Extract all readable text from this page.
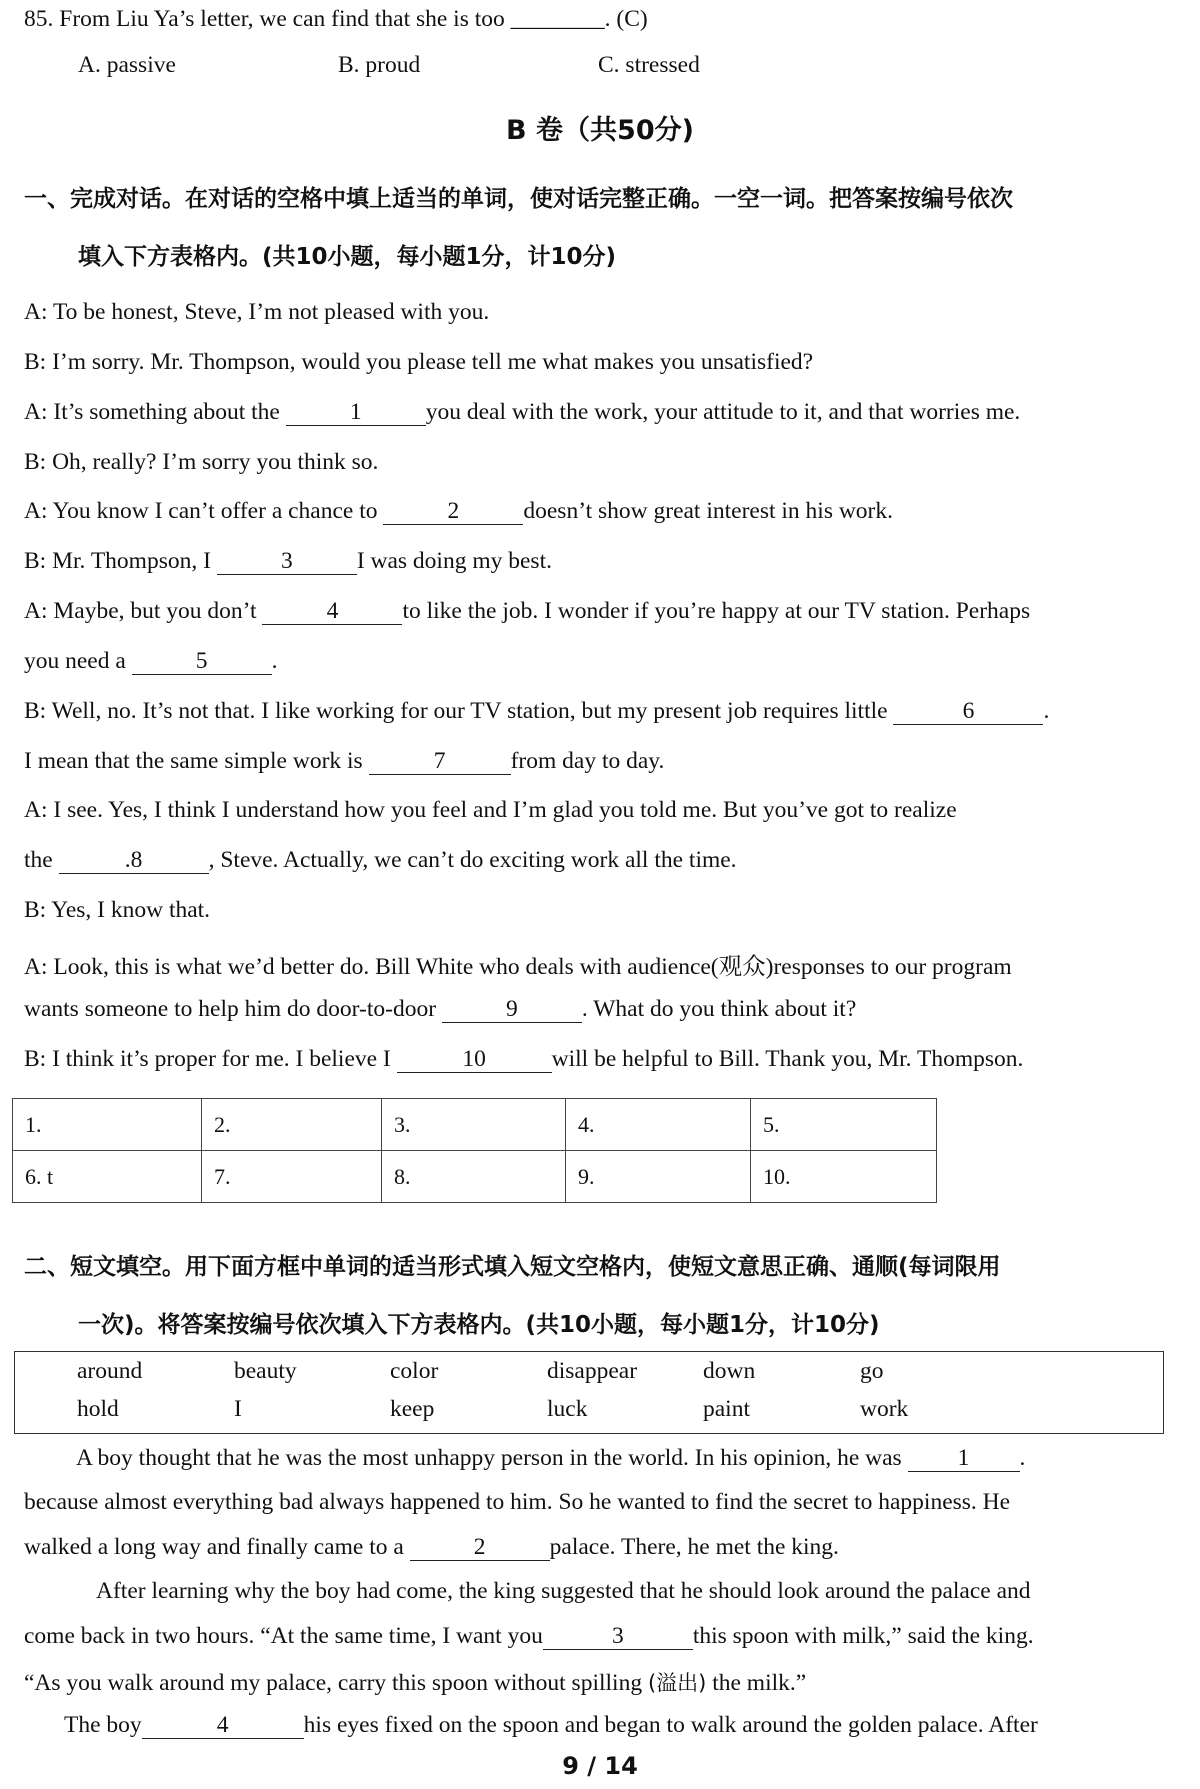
85. From Liu Ya’s letter, we can find that she is too ________. (C)
A. passive	B. proud	C. stressed
B 卷（共50分)
一、完成对话。在对话的空格中填上适当的单词，使对话完整正确。一空一词。把答案按编号依次
填入下方表格内。(共10小题，每小题1分，计10分)
A: To be honest, Steve, I’m not pleased with you.
B: I’m sorry. Mr. Thompson, would you please tell me what makes you unsatisfied?
A: It’s something about the	1	you deal with the work, your attitude to it, and that worries me.
B: Oh, really? I’m sorry you think so.
A: You know I can’t offer a chance to	2	doesn’t show great interest in his work.
B: Mr. Thompson, I	3	I was doing my best.
A: Maybe, but you don’t	4	to like the job. I wonder if you’re happy at our TV station. Perhaps
you need a	5	.
B: Well, no. It’s not that. I like working for our TV station, but my present job requires little	6	.
I mean that the same simple work is	7	from day to day.
A: I see. Yes, I think I understand how you feel and I’m glad you told me. But you’ve got to realize
the	.8	, Steve. Actually, we can’t do exciting work all the time.
B: Yes, I know that.
A: Look, this is what we’d better do. Bill White who deals with audience(观众)responses to our program
wants someone to help him do door-to-door	9	. What do you think about it?
B: I think it’s proper for me. I believe I	10	will be helpful to Bill. Thank you, Mr. Thompson.
1.	2.	3.	4.	5.
6. t	7.	8.	9.	10.
二、短文填空。用下面方框中单词的适当形式填入短文空格内，使短文意思正确、通顺(每词限用
一次)。将答案按编号依次填入下方表格内。(共10小题，每小题1分，计10分)
around	beauty	color	disappear	down	go
hold	I	keep	luck	paint	work
A boy thought that he was the most unhappy person in the world. In his opinion, he was 1 .
because almost everything bad always happened to him. So he wanted to find the secret to happiness. He
walked a long way and finally came to a	2	palace. There, he met the king.
After learning why the boy had come, the king suggested that he should look around the palace and
come back in two hours. “At the same time, I want you	3	this spoon with milk,” said the king.
“As you walk around my palace, carry this spoon without spilling (溢出) the milk.”
The boy	4	his eyes fixed on the spoon and began to walk around the golden palace. After
9 / 14
